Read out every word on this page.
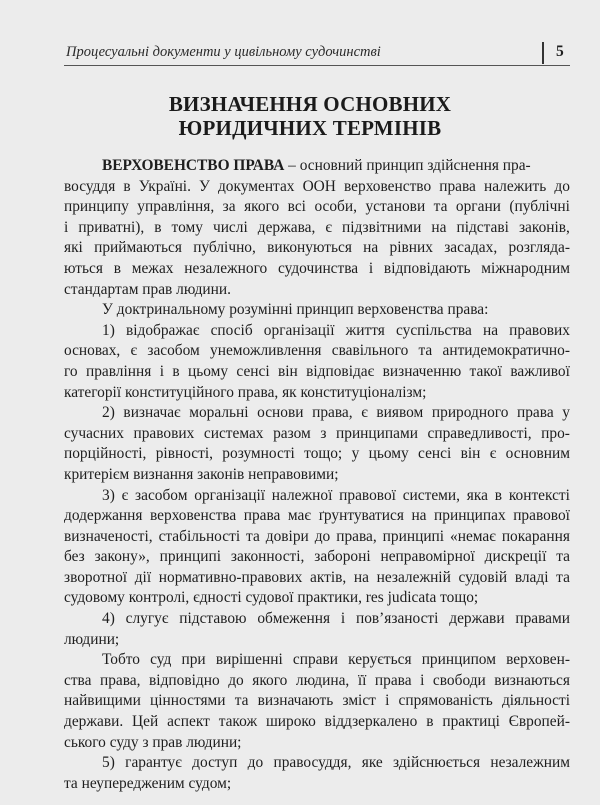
Процесуальні документи у цивільному судочинстві	5
ВИЗНАЧЕННЯ ОСНОВНИХ
ЮРИДИЧНИХ ТЕРМІНІВ
ВЕРХОВЕНСТВО ПРАВА – основний принцип здійснення пра-
восуддя в Україні. У документах ООН верховенство права належить до
принципу управління, за якого всі особи, установи та органи (публічні
і приватні), в тому числі держава, є підзвітними на підставі законів,
які приймаються публічно, виконуються на рівних засадах, розглядa-
ються в межах незалежного судочинства і відповідають міжнародним
стандартам прав людини.
У доктринальному розумінні принцип верховенства права:
1) відображає спосіб організації життя суспільства на правових
основах, є засобом унеможливлення свавільного та антидемократично-
го правління і в цьому сенсі він відповідає визначенню такої важливої
категорії конституційного права, як конституціоналізм;
2) визначає моральні основи права, є виявом природного права у
сучасних правових системах разом з принципами справедливості, про-
порційності, рівності, розумності тощо; у цьому сенсі він є основним
критерієм визнання законів неправовими;
3) є засобом організації належної правової системи, яка в контексті
додержання верховенства права має ґрунтуватися на принципах правової
визначеності, стабільності та довіри до права, принципі «немає покарання
без закону», принципі законності, забороні неправомірної дискреції та
зворотної дії нормативно-правових актів, на незалежній судовій владі та
судовому контролі, єдності судової практики, res judicata тощо;
4) слугує підставою обмеження і пов’язаності держави правами
людини;
Тобто суд при вирішенні справи керується принципом верховен-
ства права, відповідно до якого людина, її права і свободи визнаються
найвищими цінностями та визначають зміст і спрямованість діяльності
держави. Цей аспект також широко віддзеркалено в практиці Європей-
ського суду з прав людини;
5) гарантує доступ до правосуддя, яке здійснюється незалежним
та неупередженим судом;
